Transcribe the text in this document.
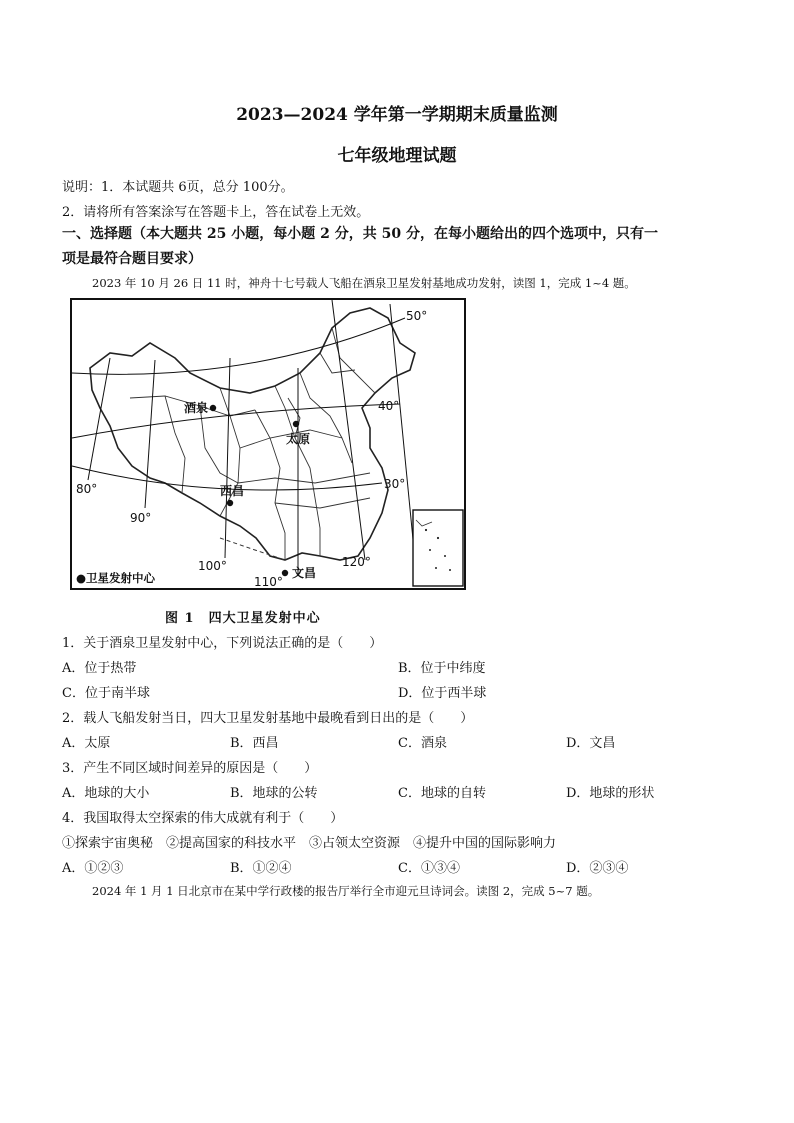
2023—2024 学年第一学期期末质量监测
七年级地理试题
说明：1．本试题共 6页，总分 100分。
2．请将所有答案涂写在答题卡上，答在试卷上无效。
一、选择题（本大题共 25 小题，每小题 2 分，共 50 分，在每小题给出的四个选项中，只有一
项是最符合题目要求）
2023 年 10 月 26 日 11 时，神舟十七号载人飞船在酒泉卫星发射基地成功发射，读图 1，完成 1~4 题。
50°
40°
30°
80°
90°
100°
110°
120°
酒泉
太原
西昌
文昌
●卫星发射中心
图 1　四大卫星发射中心
1．关于酒泉卫星发射中心，下列说法正确的是（　　）
A．位于热带	B．位于中纬度
C．位于南半球	D．位于西半球
2．载人飞船发射当日，四大卫星发射基地中最晚看到日出的是（　　）
A．太原	B．西昌	C．酒泉	D．文昌
3．产生不同区域时间差异的原因是（　　）
A．地球的大小	B．地球的公转	C．地球的自转	D．地球的形状
4．我国取得太空探索的伟大成就有利于（　　）
①探索宇宙奥秘　②提高国家的科技水平　③占领太空资源　④提升中国的国际影响力
A．①②③	B．①②④	C．①③④	D．②③④
2024 年 1 月 1 日北京市在某中学行政楼的报告厅举行全市迎元旦诗词会。读图 2，完成 5~7 题。
